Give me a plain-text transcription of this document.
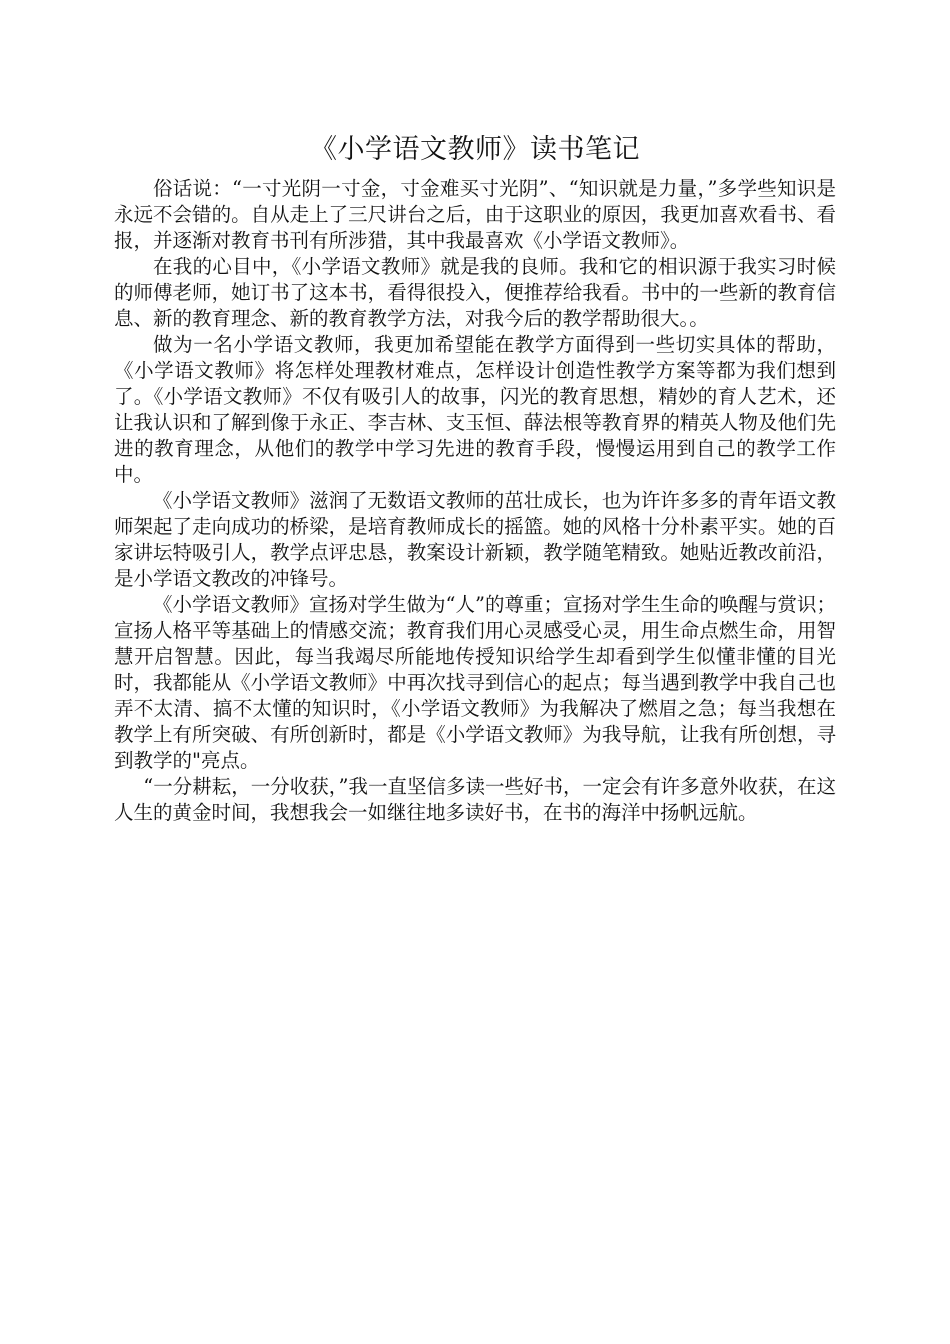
《小学语文教师》读书笔记

俗话说：“一寸光阴一寸金，寸金难买寸光阴”、“知识就是力量，”多学些知识是永远不会错的。自从走上了三尺讲台之后，由于这职业的原因，我更加喜欢看书、看报，并逐渐对教育书刊有所涉猎，其中我最喜欢《小学语文教师》。

在我的心目中，《小学语文教师》就是我的良师。我和它的相识源于我实习时候的师傅老师，她订书了这本书，看得很投入，便推荐给我看。书中的一些新的教育信息、新的教育理念、新的教育教学方法，对我今后的教学帮助很大。。

做为一名小学语文教师，我更加希望能在教学方面得到一些切实具体的帮助，《小学语文教师》将怎样处理教材难点，怎样设计创造性教学方案等都为我们想到了。《小学语文教师》不仅有吸引人的故事，闪光的教育思想，精妙的育人艺术，还让我认识和了解到像于永正、李吉林、支玉恒、薛法根等教育界的精英人物及他们先进的教育理念，从他们的教学中学习先进的教育手段，慢慢运用到自己的教学工作中。

《小学语文教师》滋润了无数语文教师的茁壮成长，也为许许多多的青年语文教师架起了走向成功的桥梁，是培育教师成长的摇篮。她的风格十分朴素平实。她的百家讲坛特吸引人，教学点评忠恳，教案设计新颖，教学随笔精致。她贴近教改前沿，是小学语文教改的冲锋号。

《小学语文教师》宣扬对学生做为“人”的尊重；宣扬对学生生命的唤醒与赏识；宣扬人格平等基础上的情感交流；教育我们用心灵感受心灵，用生命点燃生命，用智慧开启智慧。因此，每当我竭尽所能地传授知识给学生却看到学生似懂非懂的目光时，我都能从《小学语文教师》中再次找寻到信心的起点；每当遇到教学中我自己也弄不太清、搞不太懂的知识时，《小学语文教师》为我解决了燃眉之急；每当我想在教学上有所突破、有所创新时，都是《小学语文教师》为我导航，让我有所创想，寻到教学的"亮点。

“一分耕耘，一分收获，”我一直坚信多读一些好书，一定会有许多意外收获，在这人生的黄金时间，我想我会一如继往地多读好书，在书的海洋中扬帆远航。
